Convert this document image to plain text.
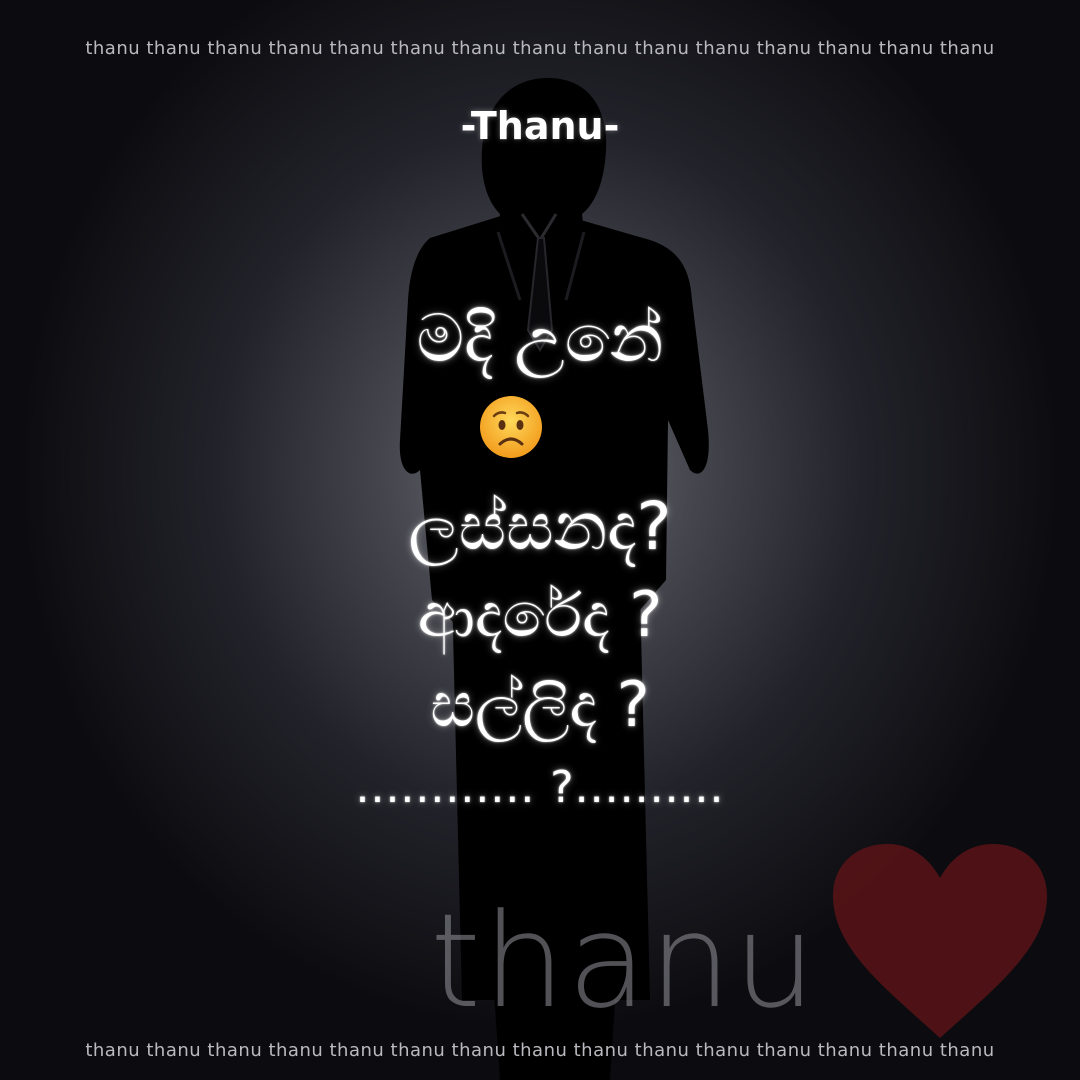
thanu thanu thanu thanu thanu thanu thanu thanu thanu thanu thanu thanu thanu thanu thanu
-Thanu-
මදි උනේ
ලස්සනද?
ආදරේද ?
සල්ලිද ?
............ ?..........
thanu
thanu thanu thanu thanu thanu thanu thanu thanu thanu thanu thanu thanu thanu thanu thanu
